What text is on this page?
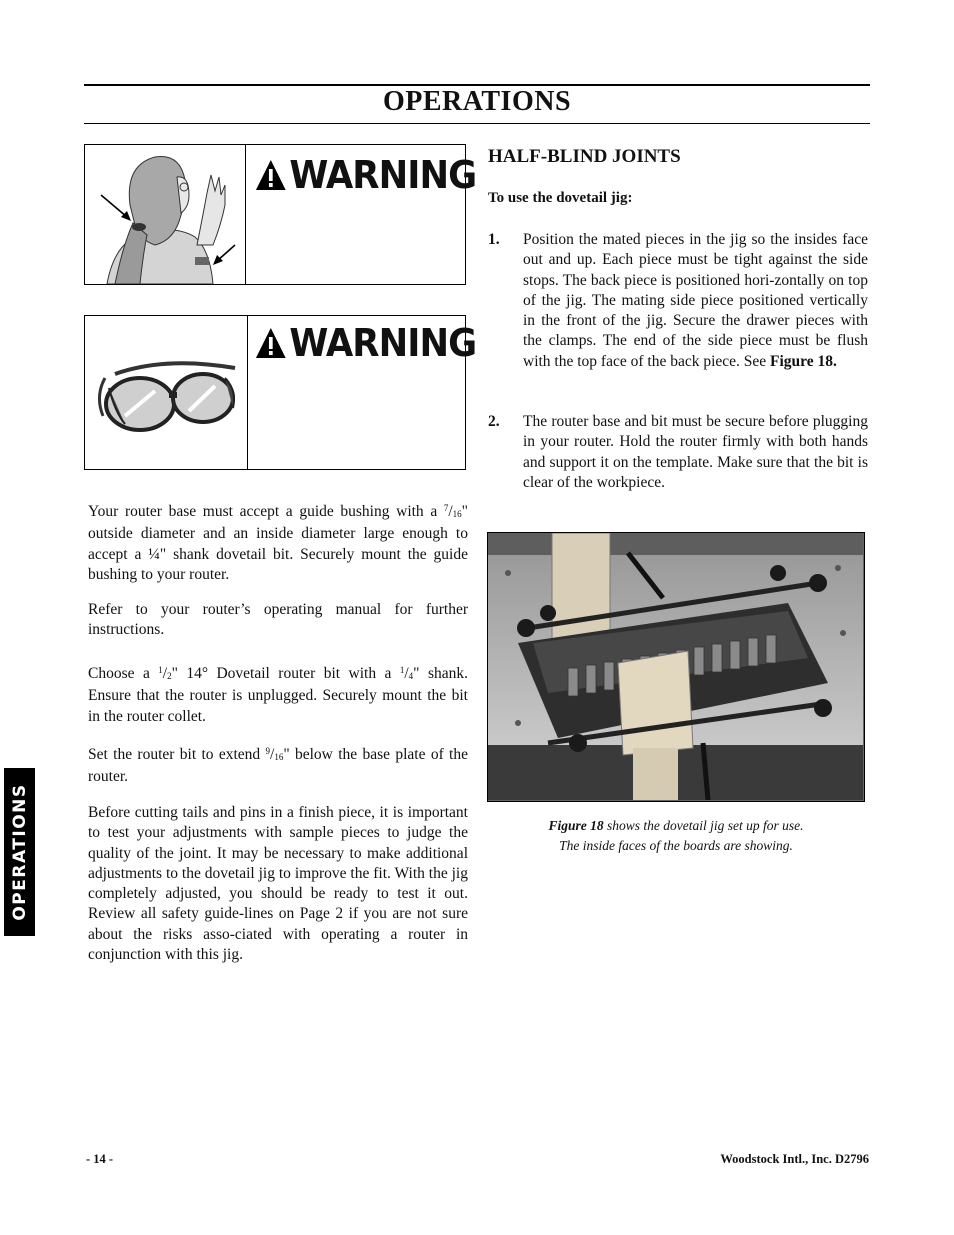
OPERATIONS
WARNING
WARNING
Your router base must accept a guide bushing with a $^7/_{16}$" outside diameter and an inside diameter large enough to accept a ¼" shank dovetail bit. Securely mount the guide bushing to your router.
Refer to your router’s operating manual for further instructions.
Choose a $^1/_2$" 14° Dovetail router bit with a $^1/_4$" shank. Ensure that the router is unplugged. Securely mount the bit in the router collet.
Set the router bit to extend $^9/_{16}$" below the base plate of the router.
Before cutting tails and pins in a finish piece, it is important to test your adjustments with sample pieces to judge the quality of the joint. It may be necessary to make additional adjustments to the dovetail jig to improve the fit. With the jig completely adjusted, you should be ready to test it out. Review all safety guide-lines on Page 2 if you are not sure about the risks asso-ciated with operating a router in conjunction with this jig.
HALF-BLIND JOINTS
To use the dovetail jig:
1. Position the mated pieces in the jig so the insides face out and up. Each piece must be tight against the side stops. The back piece is positioned hori-zontally on top of the jig. The mating side piece positioned vertically in the front of the jig. Secure the drawer pieces with the clamps. The end of the side piece must be flush with the top face of the back piece. See Figure 18.
2. The router base and bit must be secure before plugging in your router. Hold the router firmly with both hands and support it on the template. Make sure that the bit is clear of the workpiece.
Figure 18 shows the dovetail jig set up for use.
The inside faces of the boards are showing.
OPERATIONS
- 14 -	Woodstock Intl., Inc. D2796
